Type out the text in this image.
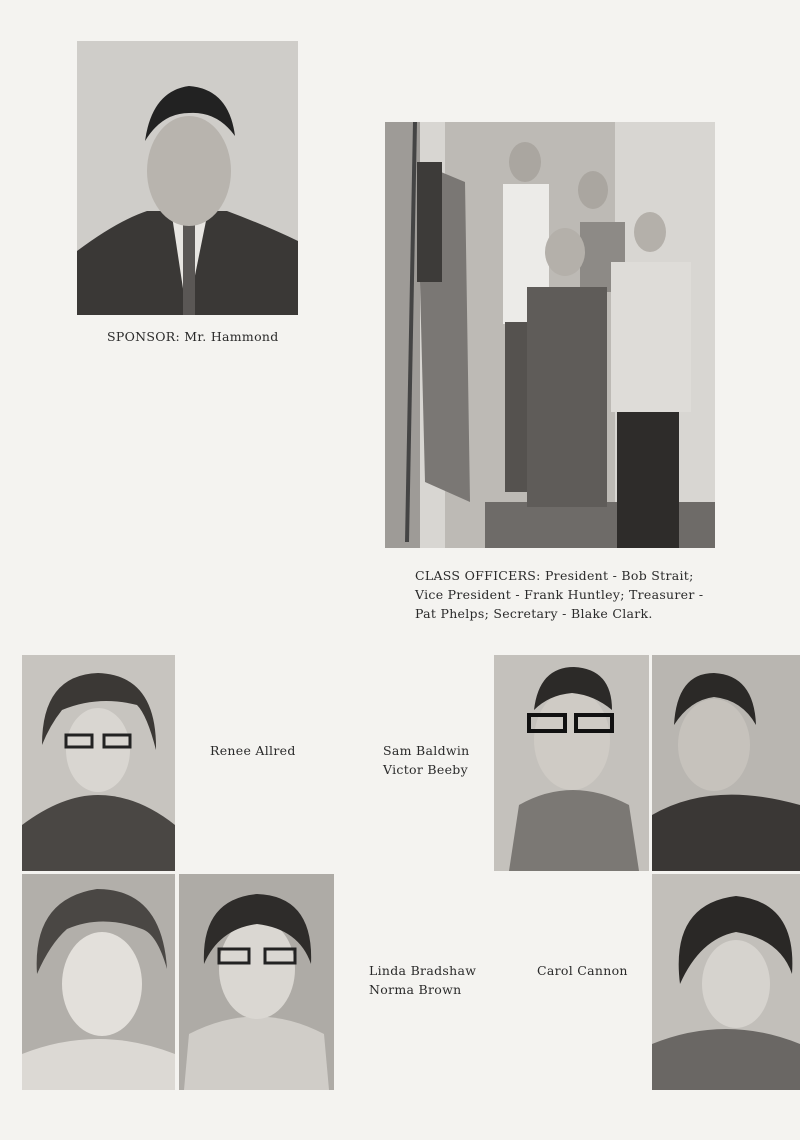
SPONSOR: Mr. Hammond
CLASS OFFICERS: President - Bob Strait;
Vice President - Frank Huntley; Treasurer -
Pat Phelps; Secretary - Blake Clark.
Renee Allred	Sam Baldwin
Victor Beeby
Linda Bradshaw
Norma Brown
Carol Cannon
